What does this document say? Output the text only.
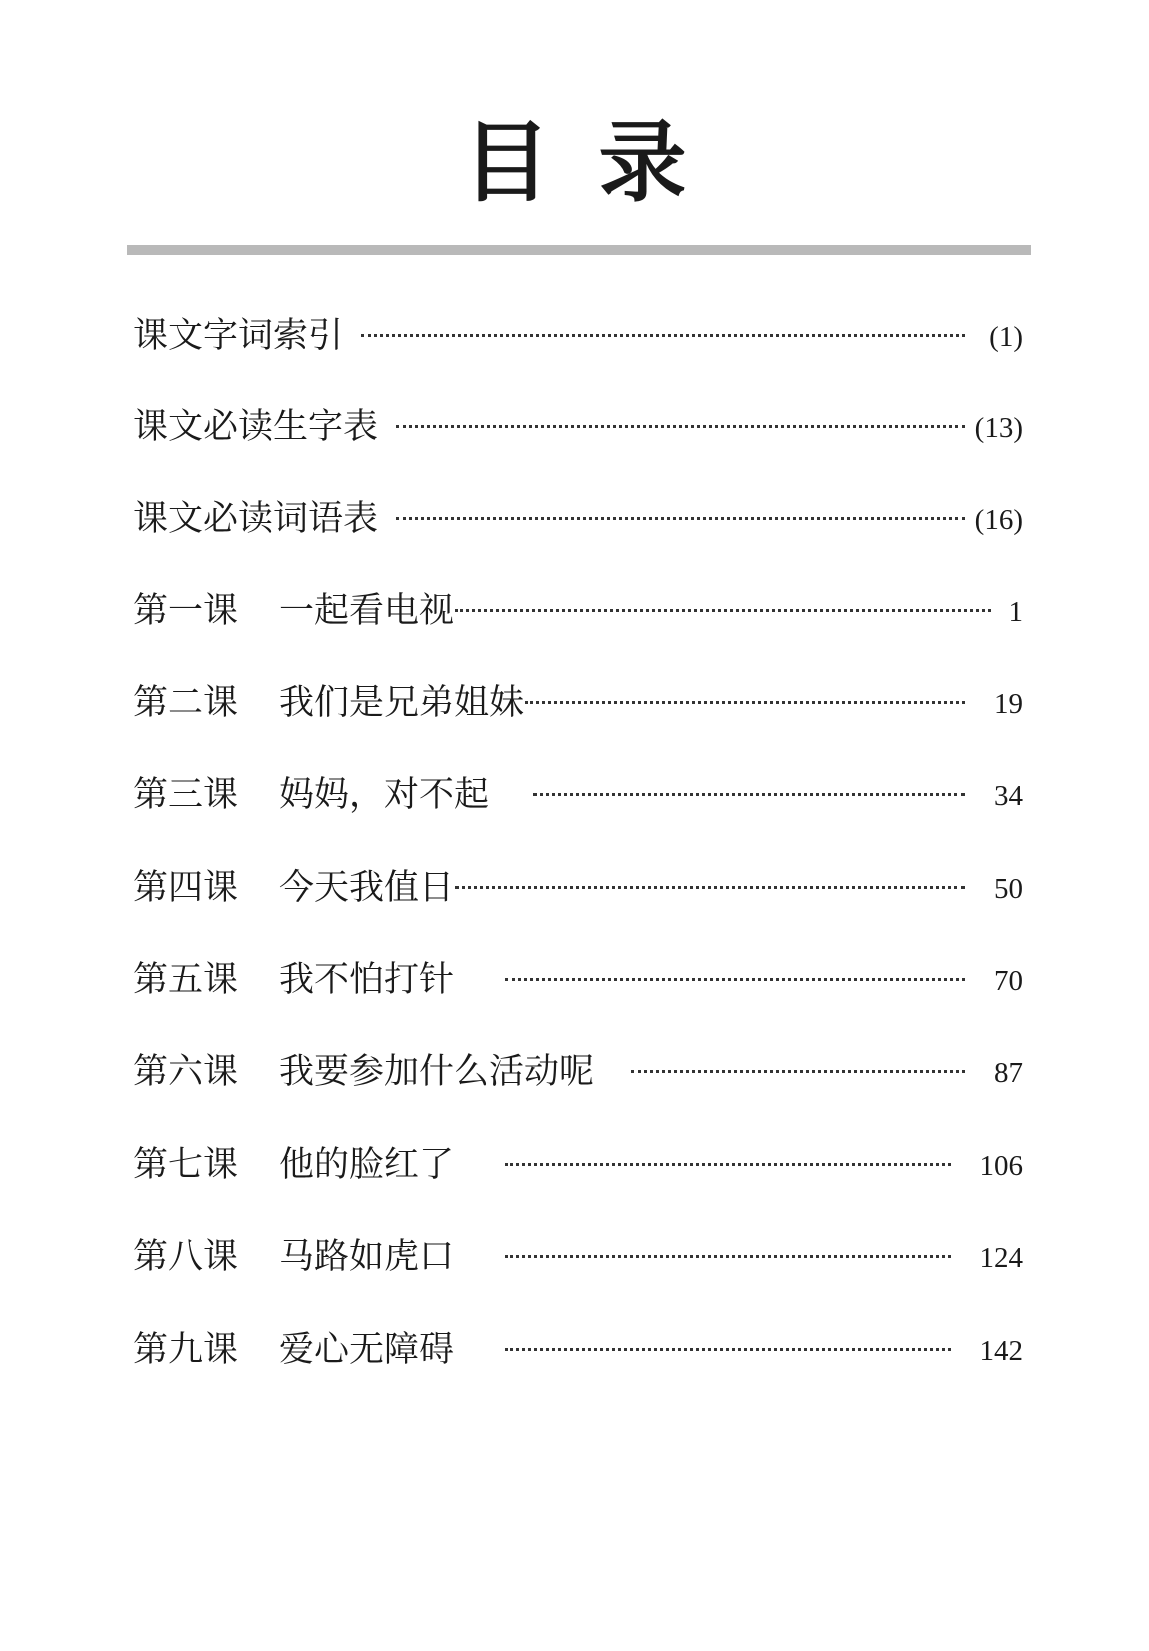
目 录
课文字词索引	(1)
课文必读生字表	(13)
课文必读词语表	(16)
第一课 一起看电视	1
第二课 我们是兄弟姐妹	19
第三课 妈妈，对不起	34
第四课 今天我值日	50
第五课 我不怕打针	70
第六课 我要参加什么活动呢	87
第七课 他的脸红了	106
第八课 马路如虎口	124
第九课 爱心无障碍	142
